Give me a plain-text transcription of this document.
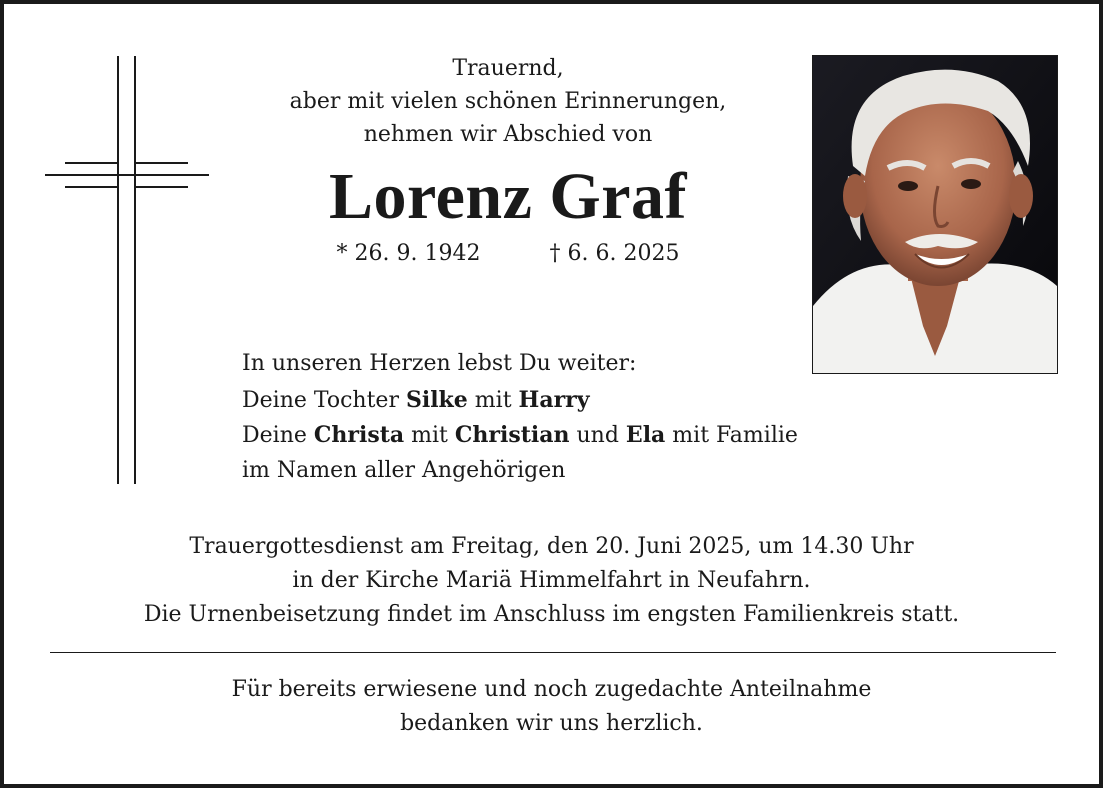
Trauernd,

aber mit vielen schönen Erinnerungen,

nehmen wir Abschied von

Lorenz Graf
* 26. 9. 1942	† 6. 6. 2025
In unseren Herzen lebst Du weiter:
Deine Tochter Silke mit Harry
Deine Christa mit Christian und Ela mit Familie
im Namen aller Angehörigen
Trauergottesdienst am Freitag, den 20. Juni 2025, um 14.30 Uhr
in der Kirche Mariä Himmelfahrt in Neufahrn.
Die Urnenbeisetzung findet im Anschluss im engsten Familienkreis statt.
Für bereits erwiesene und noch zugedachte Anteilnahme
bedanken wir uns herzlich.
